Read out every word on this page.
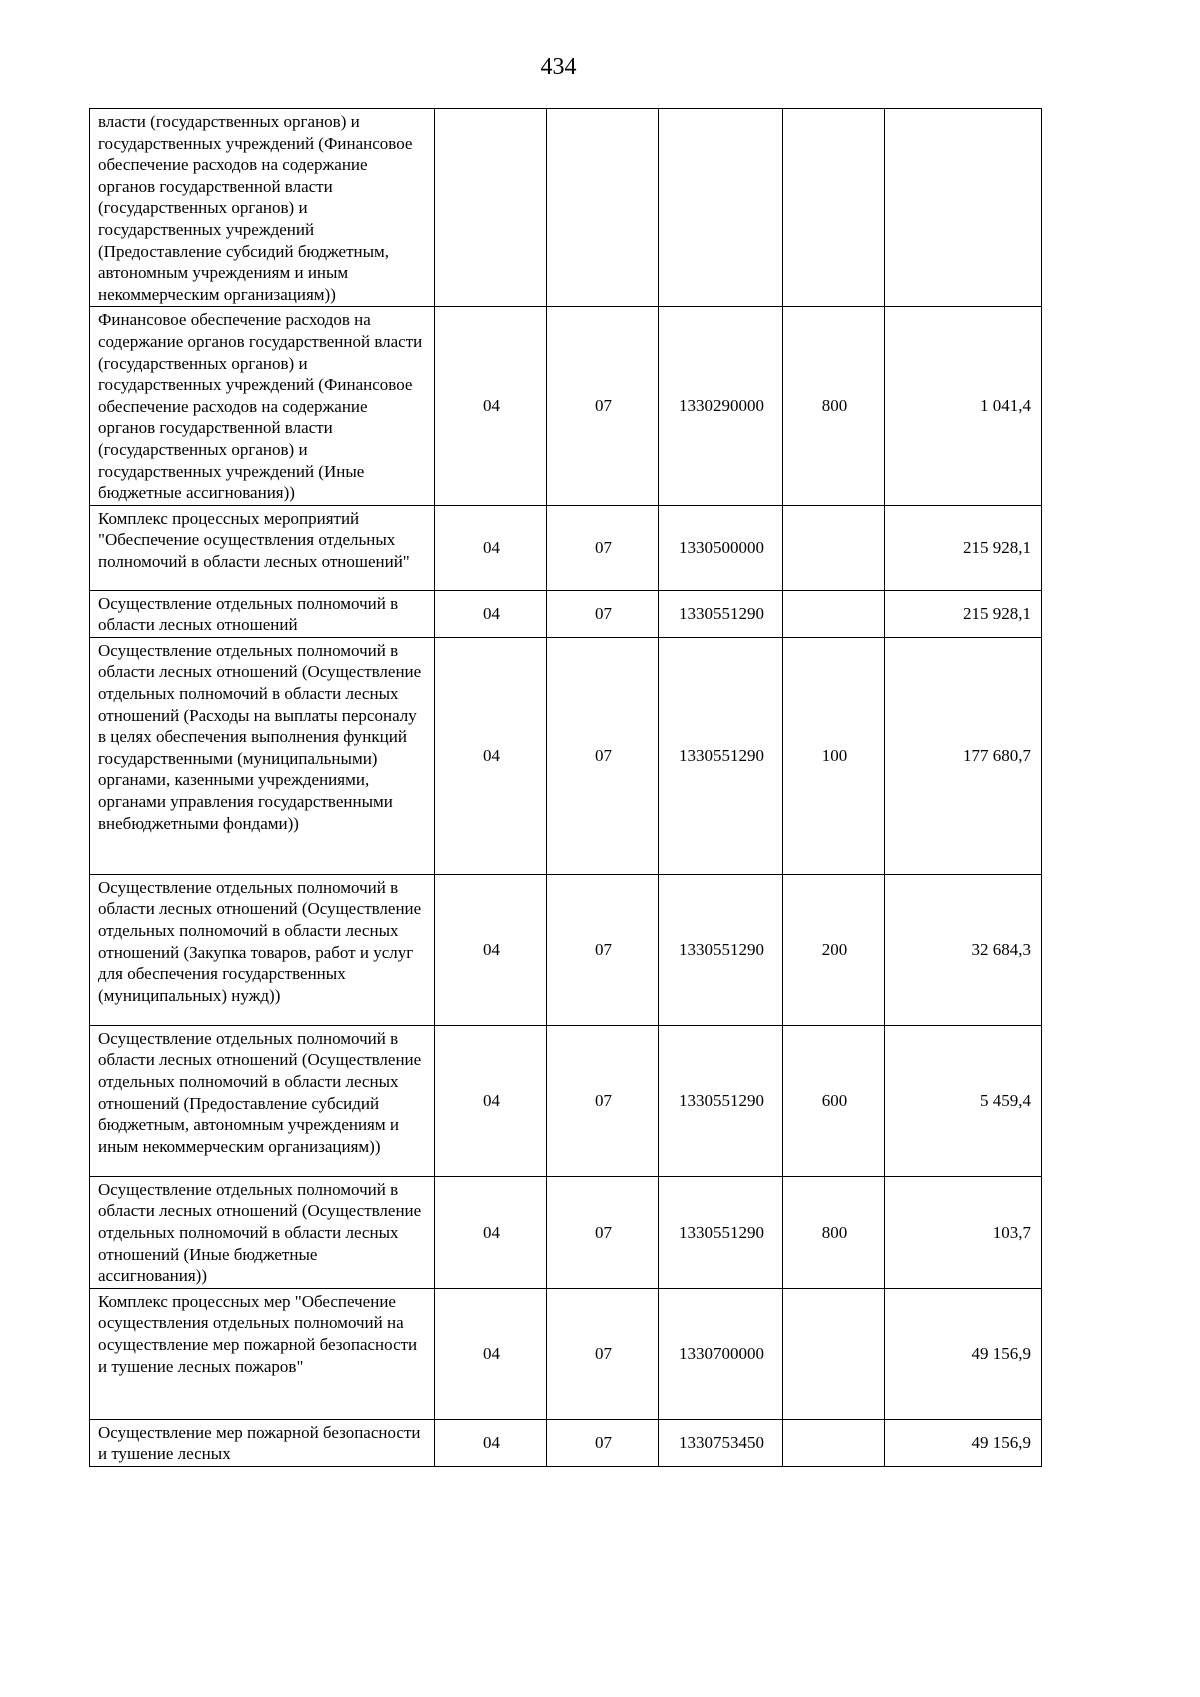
434
власти (государственных органов) и государственных учреждений (Финансовое обеспечение расходов на содержание органов государственной власти (государственных органов) и государственных учреждений (Предоставление субсидий бюджетным, автономным учреждениям и иным некоммерческим организациям))					
Финансовое обеспечение расходов на содержание органов государственной власти (государственных органов) и государственных учреждений (Финансовое обеспечение расходов на содержание органов государственной власти (государственных органов) и государственных учреждений (Иные бюджетные ассигнования))	04	07	1330290000	800	1 041,4
Комплекс процессных мероприятий "Обеспечение осуществления отдельных полномочий в области лесных отношений"	04	07	1330500000		215 928,1
Осуществление отдельных полномочий в области лесных отношений	04	07	1330551290		215 928,1
Осуществление отдельных полномочий в области лесных отношений (Осуществление отдельных полномочий в области лесных отношений (Расходы на выплаты персоналу в целях обеспечения выполнения функций государственными (муниципальными) органами, казенными учреждениями, органами управления государственными внебюджетными фондами))	04	07	1330551290	100	177 680,7
Осуществление отдельных полномочий в области лесных отношений (Осуществление отдельных полномочий в области лесных отношений (Закупка товаров, работ и услуг для обеспечения государственных (муниципальных) нужд))	04	07	1330551290	200	32 684,3
Осуществление отдельных полномочий в области лесных отношений (Осуществление отдельных полномочий в области лесных отношений (Предоставление субсидий бюджетным, автономным учреждениям и иным некоммерческим организациям))	04	07	1330551290	600	5 459,4
Осуществление отдельных полномочий в области лесных отношений (Осуществление отдельных полномочий в области лесных отношений (Иные бюджетные ассигнования))	04	07	1330551290	800	103,7
Комплекс процессных мер "Обеспечение осуществления отдельных полномочий на осуществление мер пожарной безопасности и тушение лесных пожаров"	04	07	1330700000		49 156,9
Осуществление мер пожарной безопасности и тушение лесных	04	07	1330753450		49 156,9
